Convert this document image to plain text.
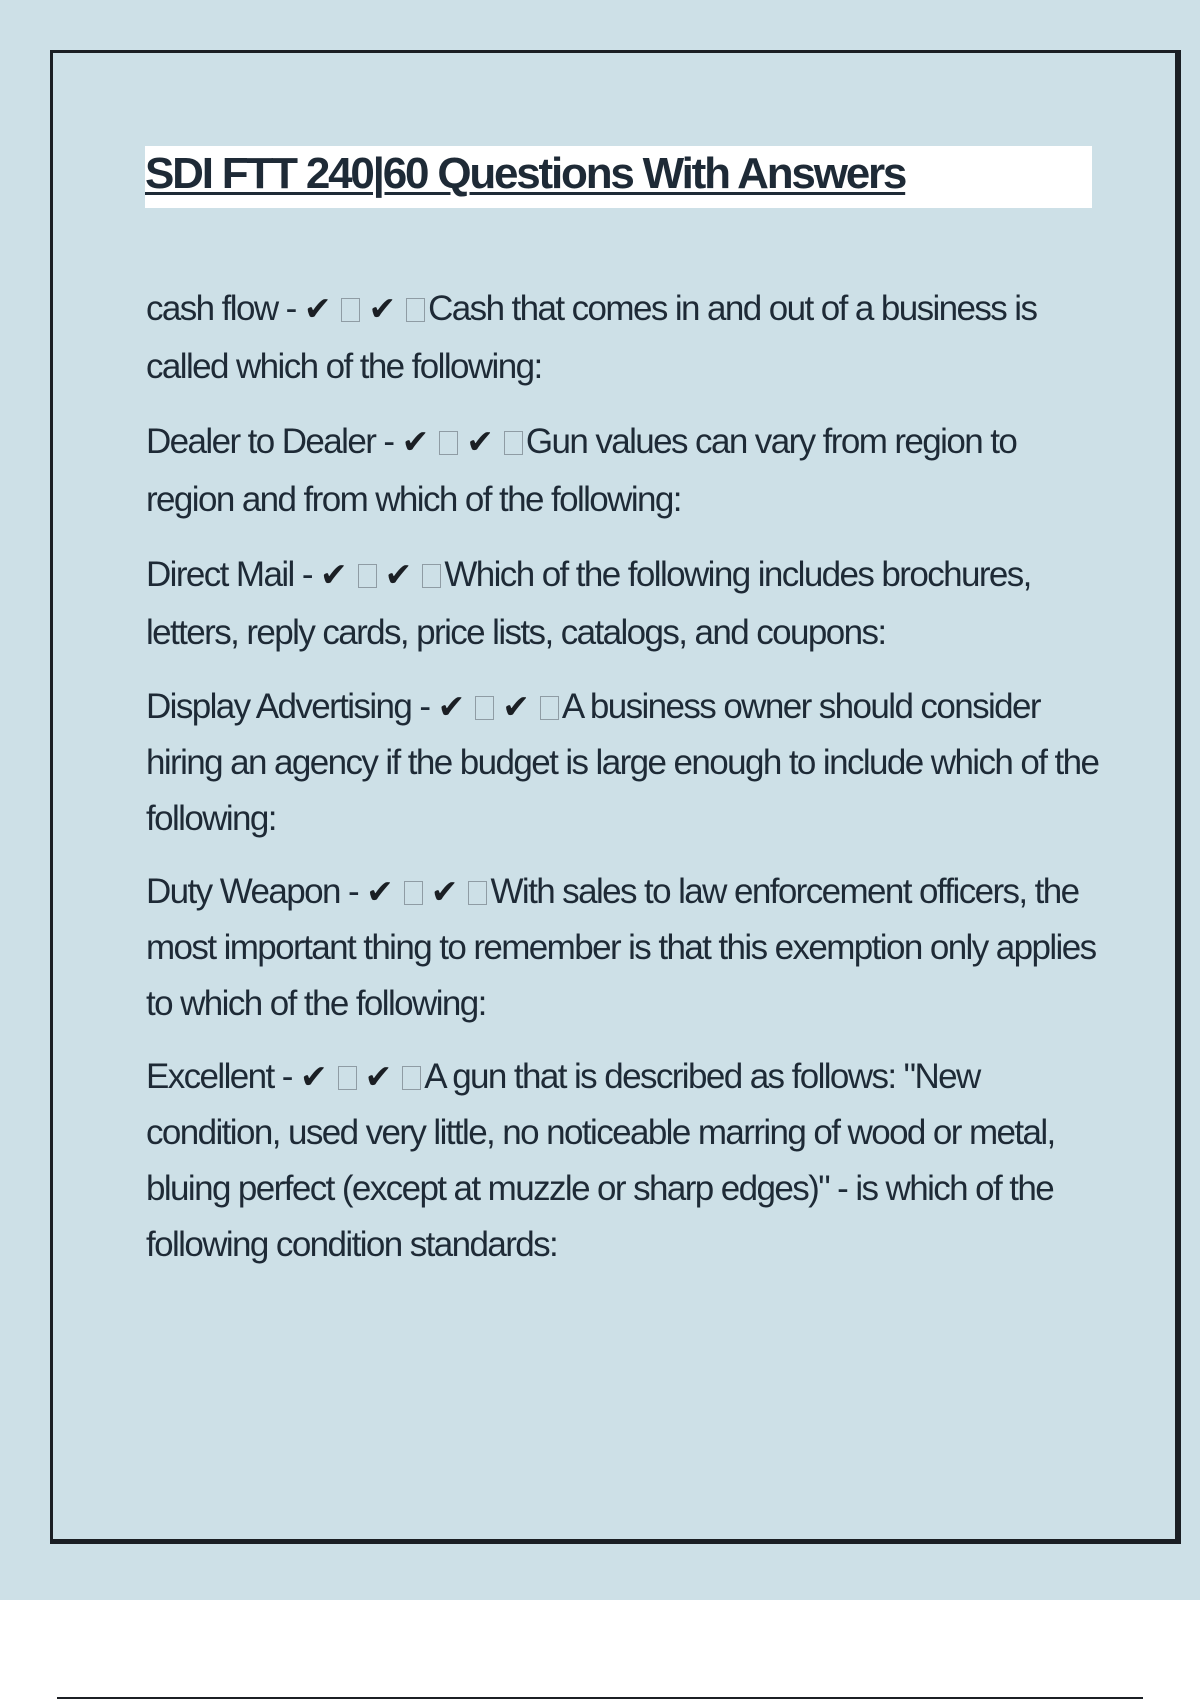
SDI FTT 240|60 Questions With Answers
cash flow - ✔ ✔ Cash that comes in and out of a business is called which of the following:
Dealer to Dealer - ✔ ✔ Gun values can vary from region to region and from which of the following:
Direct Mail - ✔ ✔ Which of the following includes brochures, letters, reply cards, price lists, catalogs, and coupons:
Display Advertising - ✔ ✔ A business owner should consider hiring an agency if the budget is large enough to include which of the following:
Duty Weapon - ✔ ✔ With sales to law enforcement officers, the most important thing to remember is that this exemption only applies to which of the following:
Excellent - ✔ ✔ A gun that is described as follows: "New condition, used very little, no noticeable marring of wood or metal, bluing perfect (except at muzzle or sharp edges)" - is which of the following condition standards:
